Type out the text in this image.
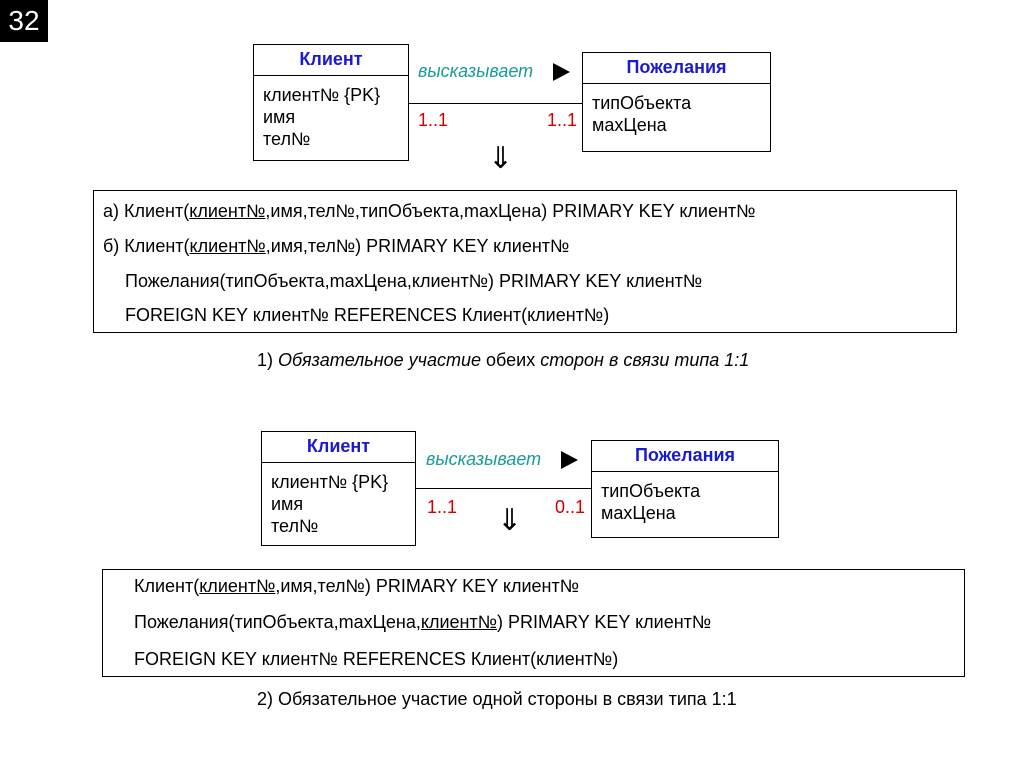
32
Клиент
клиент№ {PK}
имя
тел№
Пожелания
типОбъекта
махЦена
высказывает
1..1	1..1
⇓
а) Клиент(клиент№,имя,тел№,типОбъекта,maxЦена) PRIMARY KEY клиент№
б) Клиент(клиент№,имя,тел№) PRIMARY KEY клиент№
Пожелания(типОбъекта,maxЦена,клиент№) PRIMARY KEY клиент№
FOREIGN KEY клиент№ REFERENCES Клиент(клиент№)
1) Обязательное участие обеих сторон в связи типа 1:1
Клиент
клиент№ {PK}
имя
тел№
Пожелания
типОбъекта
махЦена
высказывает
1..1	0..1
⇓
Клиент(клиент№,имя,тел№) PRIMARY KEY клиент№
Пожелания(типОбъекта,maxЦена,клиент№) PRIMARY KEY клиент№
FOREIGN KEY клиент№ REFERENCES Клиент(клиент№)
2) Обязательное участие одной стороны в связи типа 1:1
